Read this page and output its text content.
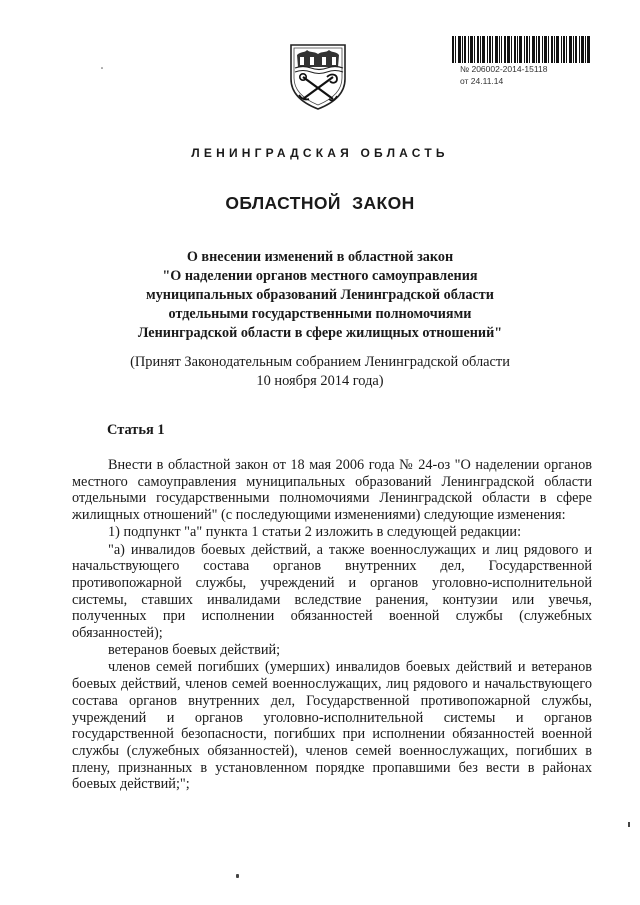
№ 206002-2014-15118
от 24.11.14
ЛЕНИНГРАДСКАЯ ОБЛАСТЬ
ОБЛАСТНОЙ ЗАКОН
О внесении изменений в областной закон
"О наделении органов местного самоуправления
муниципальных образований Ленинградской области
отдельными государственными полномочиями
Ленинградской области в сфере жилищных отношений"
(Принят Законодательным собранием Ленинградской области
10 ноября 2014 года)
Статья 1

Внести в областной закон от 18 мая 2006 года № 24-оз "О наделении органов местного самоуправления муниципальных образований Ленинградской области отдельными государственными полномочиями Ленинградской области в сфере жилищных отношений" (с последующими изменениями) следующие изменения:

1) подпункт "а" пункта 1 статьи 2 изложить в следующей редакции:

"а) инвалидов боевых действий, а также военнослужащих и лиц рядового и начальствующего состава органов внутренних дел, Государственной противопожарной службы, учреждений и органов уголовно-исполнительной системы, ставших инвалидами вследствие ранения, контузии или увечья, полученных при исполнении обязанностей военной службы (служебных обязанностей);

ветеранов боевых действий;

членов семей погибших (умерших) инвалидов боевых действий и ветеранов боевых действий, членов семей военнослужащих, лиц рядового и начальствующего состава органов внутренних дел, Государственной противопожарной службы, учреждений и органов уголовно-исполнительной системы и органов государственной безопасности, погибших при исполнении обязанностей военной службы (служебных обязанностей), членов семей военнослужащих, погибших в плену, признанных в установленном порядке пропавшими без вести в районах боевых действий;";
